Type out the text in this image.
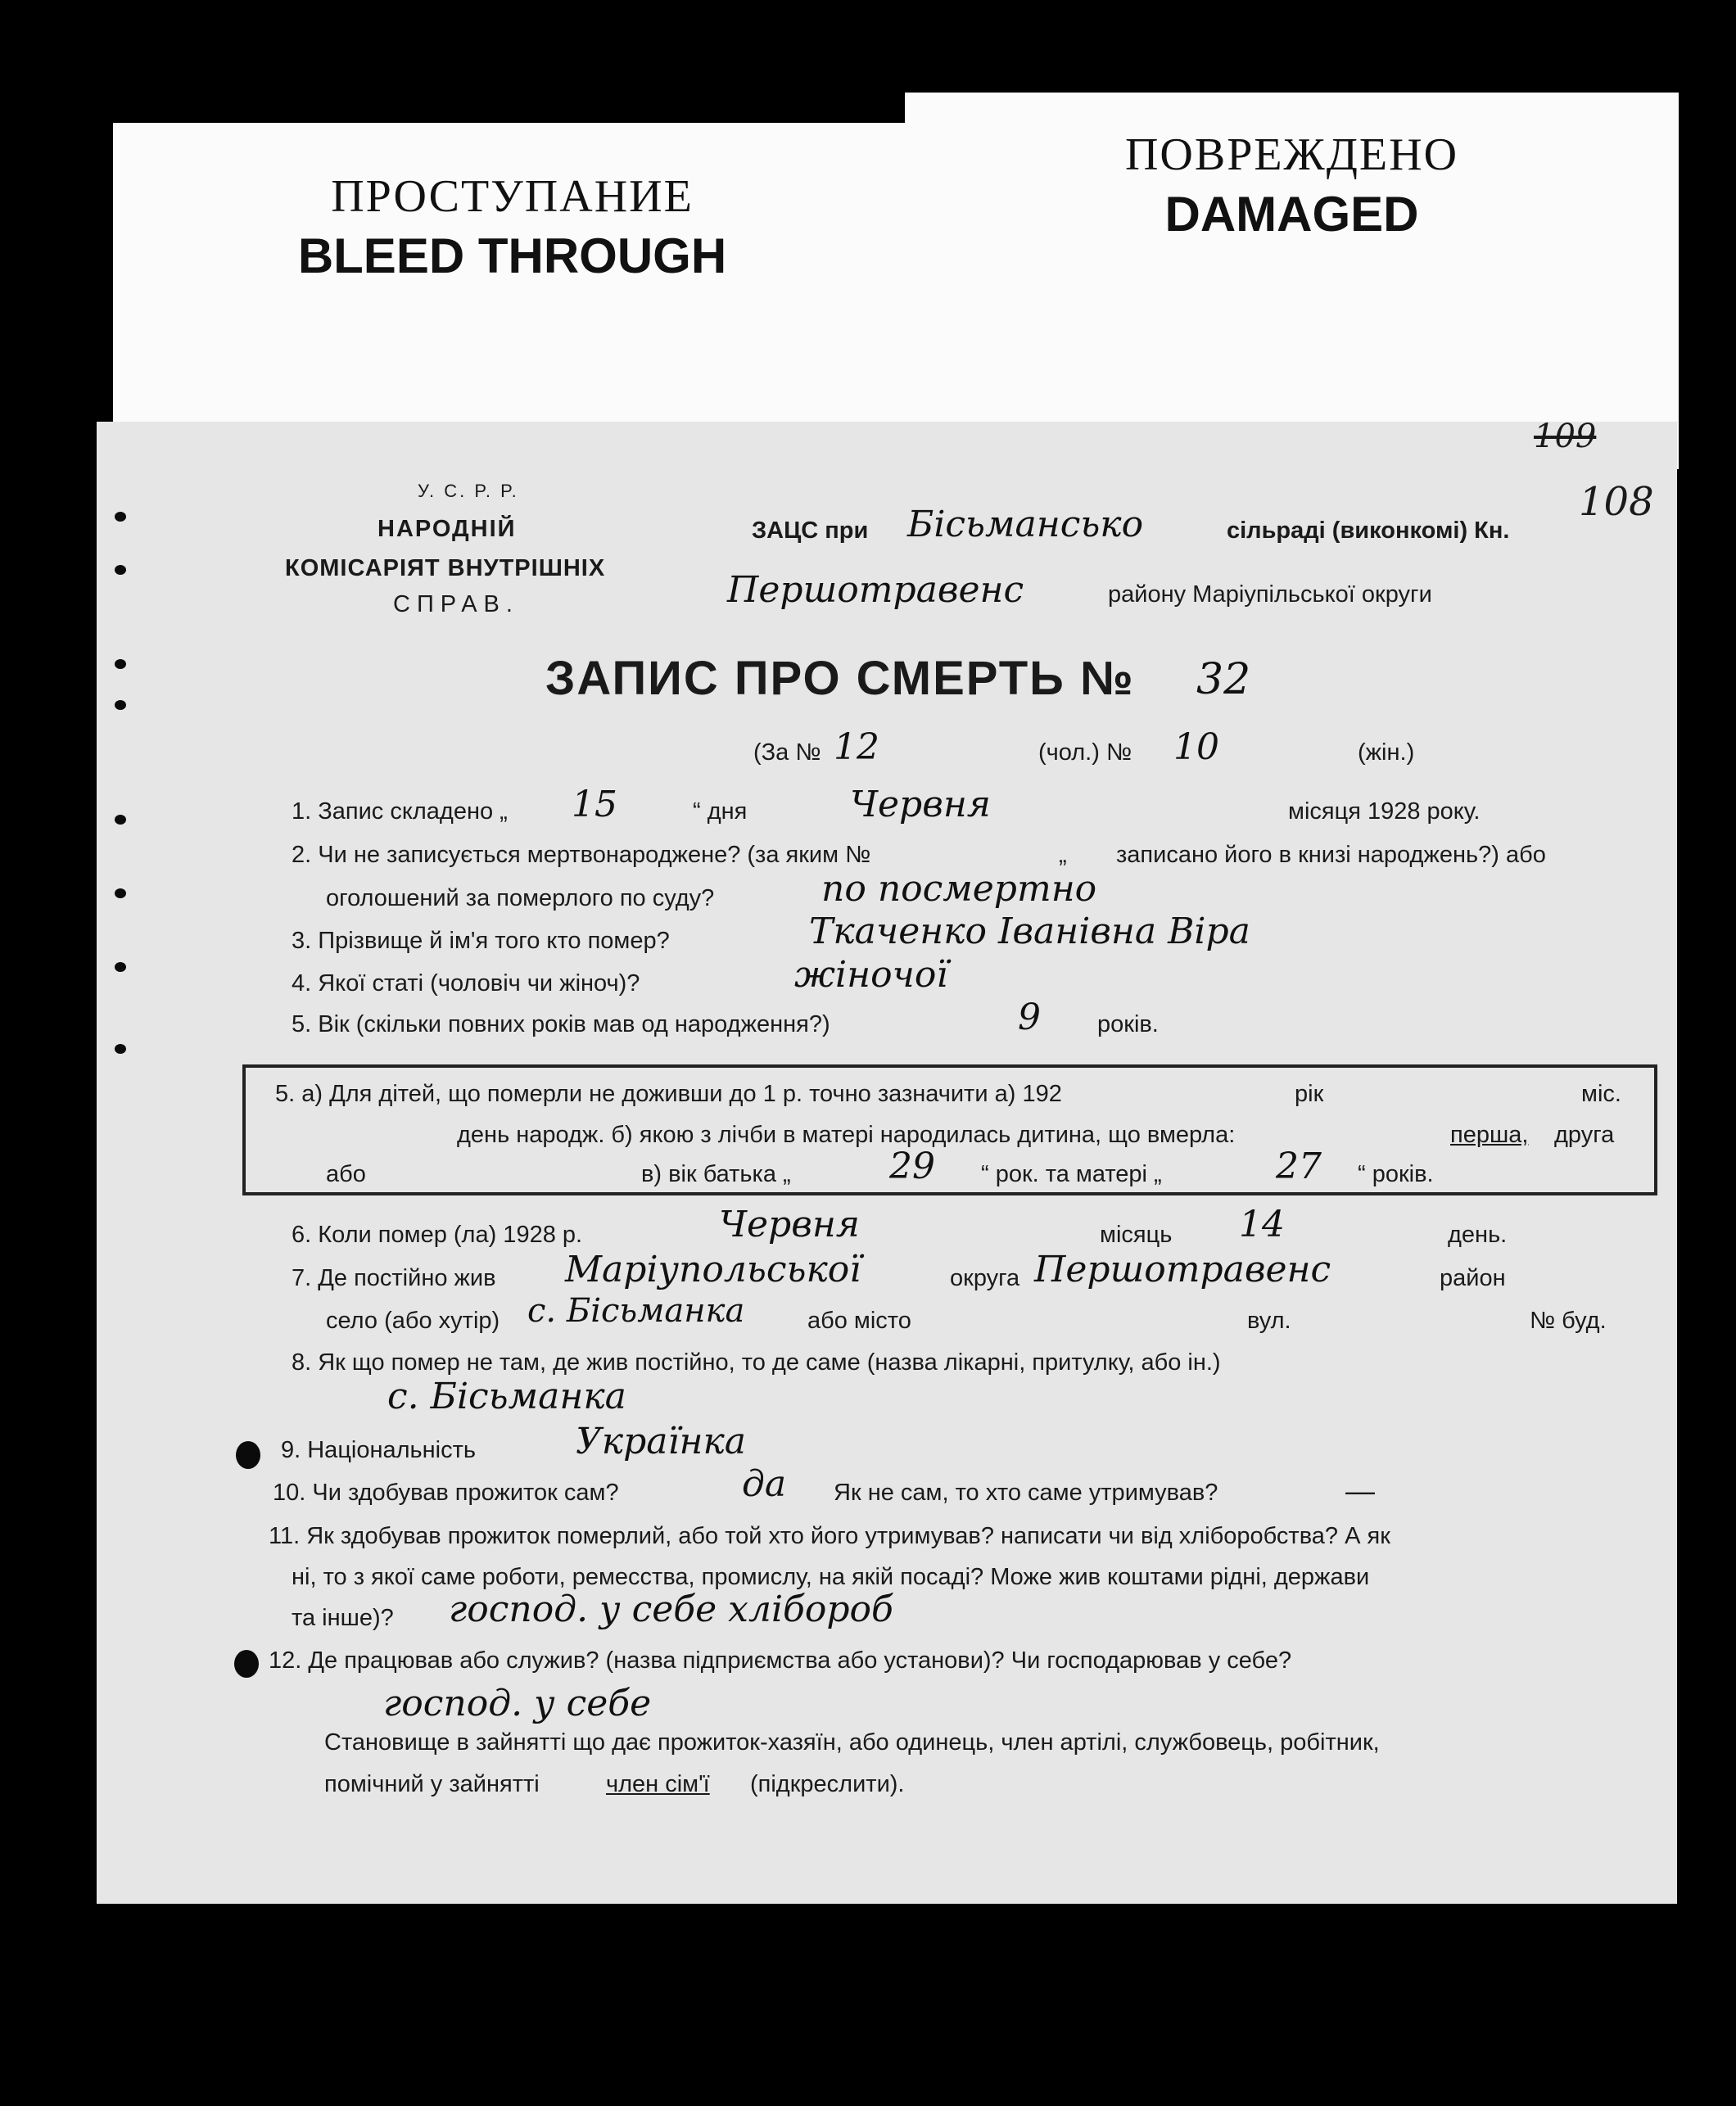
ПРОСТУПАНИЕ
BLEED THROUGH
ПОВРЕЖДЕНО
DAMAGED
109
108
У. С. Р. Р.
НАРОДНІЙ
КОМІСАРІЯТ ВНУТРІШНІХ
СПРАВ.
ЗАЦС при Бісьмансько	сільраді (виконкомі) Кн.
Першотравенс	району Маріупільської округи
ЗАПИС ПРО СМЕРТЬ № 32
(За № 12	(чол.) № 10	(жін.)
1. Запис складено „ 15	“ дня	Червня	місяця 1928 року.
2. Чи не записується мертвонароджене? (за яким №	„ записано його в книзі народжень?) або
оголошений за померлого по суду?	по посмертно
3. Прізвище й ім'я того кто помер?	Ткаченко Іванівна Віра
4. Якої статі (чоловіч чи жіноч)?	жіночої
5. Вік (скільки повних років мав од народження?)	9 років.
5. а) Для дітей, що померли не доживши до 1 р. точно зазначити а) 192	рік	міс.
день народж. б) якою з лічби в матері народилась дитина, що вмерла:	перша, друга
або	в) вік батька „	29 “ рок. та матері „	27 “ років.
6. Коли помер (ла) 1928 р.	Червня	місяць 14	день.
7. Де постійно жив Маріупольської	округа Першотравенс	район
село (або хутір) с. Бісьманка	або місто	вул.	№ буд.
8. Як що помер не там, де жив постійно, то де саме (назва лікарні, притулку, або ін.)
с. Бісьманка
9. Національність	Українка
10. Чи здобував прожиток сам?	да Як не сам, то хто саме утримував?	—
11. Як здобував прожиток померлий, або той хто його утримував? написати чи від хліборобства? А як
ні, то з якої саме роботи, ремесства, промислу, на якій посаді? Може жив коштами рідні, держави
та інше)? господ. у себе хлібороб
12. Де працював або служив? (назва підприємства або установи)? Чи господарював у себе?
господ. у себе
Становище в зайнятті що дає прожиток-хазяїн, або одинець, член артілі, службовець, робітник,
помічний у зайнятті	член сім'ї (підкреслити).
